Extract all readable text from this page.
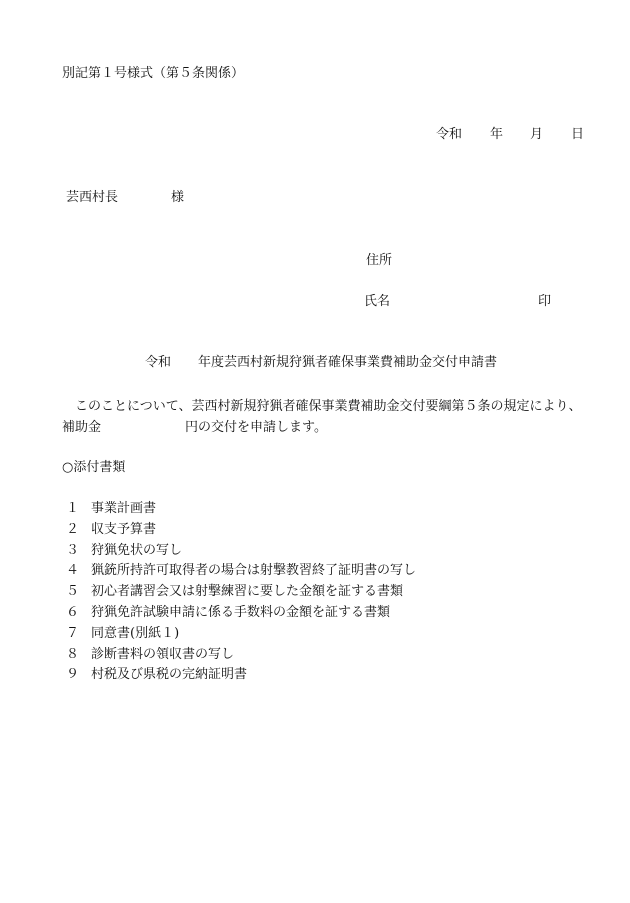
別記第１号様式（第５条関係）
令和 年 月 日
芸西村長	様
住所
氏名	印
令和 年度芸西村新規狩猟者確保事業費補助金交付申請書
　このことについて、芸西村新規狩猟者確保事業費補助金交付要綱第５条の規定により、
補助金	円の交付を申請します。
○添付書類
１ 事業計画書
２ 収支予算書
３ 狩猟免状の写し
４ 猟銃所持許可取得者の場合は射撃教習終了証明書の写し
５ 初心者講習会又は射撃練習に要した金額を証する書類
６ 狩猟免許試験申請に係る手数料の金額を証する書類
７ 同意書(別紙１)
８ 診断書料の領収書の写し
９ 村税及び県税の完納証明書
